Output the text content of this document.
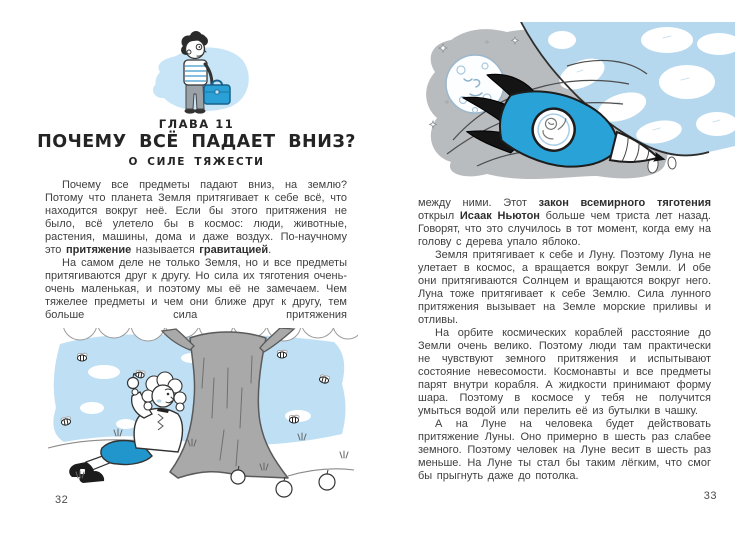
ГЛАВА 11
ПОЧЕМУ ВСЁ ПАДАЕТ ВНИЗ?
О СИЛЕ ТЯЖЕСТИ

Почему все предметы падают вниз, на землю? Потому что планета Земля притягивает к себе всё, что находится вокруг неё. Если бы этого притяжения не было, всё улетело бы в космос: люди, животные, растения, машины, дома и даже воздух. По-научному это притяжение называется гравитацией.

На самом деле не только Земля, но и все предметы притягиваются друг к другу. Но сила их тяготения очень-очень маленькая, и поэтому мы её не замечаем. Чем тяжелее предметы и чем они ближе друг к другу, тем больше сила притяжения

32

между ними. Этот закон всемирного тяготения открыл Исаак Ньютон больше чем триста лет назад. Говорят, что это случилось в тот момент, когда ему на голову с дерева упало яблоко.

Земля притягивает к себе и Луну. Поэтому Луна не улетает в космос, а вращается вокруг Земли. И обе они притягиваются Солнцем и вращаются вокруг него. Луна тоже притягивает к себе Землю. Сила лунного притяжения вызывает на Земле морские приливы и отливы.

На орбите космических кораблей расстояние до Земли очень велико. Поэтому люди там практически не чувствуют земного притяжения и испытывают состояние невесомости. Космонавты и все предметы парят внутри корабля. А жидкости принимают форму шара. Поэтому в космосе у тебя не получится умыться водой или перелить её из бутылки в чашку.

А на Луне на человека будет действовать притяжение Луны. Оно примерно в шесть раз слабее земного. Поэтому человек на Луне весит в шесть раз меньше. На Луне ты стал бы таким лёгким, что смог бы прыгнуть даже до потолка.

33
